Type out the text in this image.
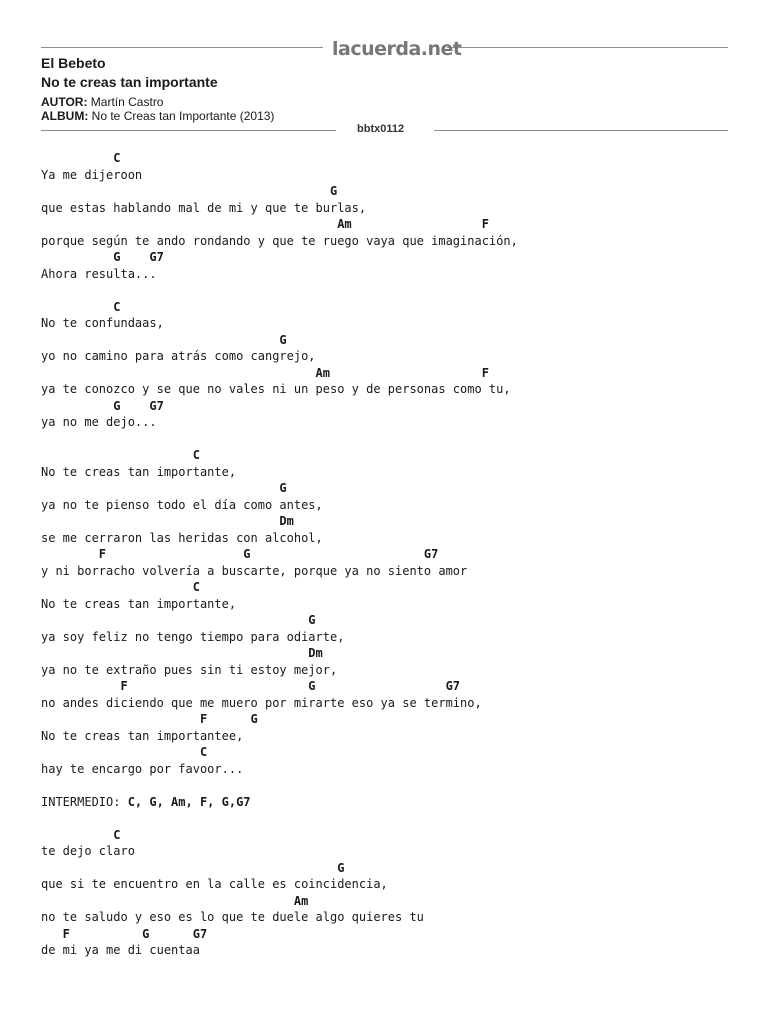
lacuerda.net
El Bebeto
No te creas tan importante
AUTOR: Martín Castro
ALBUM: No te Creas tan Importante (2013)
bbtx0112
C
Ya me dijeroon
G
que estas hablando mal de mi y que te burlas,
Am                  F
porque según te ando rondando y que te ruego vaya que imaginación,
G    G7
Ahora resulta...
C
No te confundaas,
G
yo no camino para atrás como cangrejo,
Am                     F
ya te conozco y se que no vales ni un peso y de personas como tu,
G    G7
ya no me dejo...
C
No te creas tan importante,
G
ya no te pienso todo el día como antes,
Dm
se me cerraron las heridas con alcohol,
F                   G                        G7
y ni borracho volvería a buscarte, porque ya no siento amor
C
No te creas tan importante,
G
ya soy feliz no tengo tiempo para odiarte,
Dm
ya no te extraño pues sin ti estoy mejor,
F                         G                  G7
no andes diciendo que me muero por mirarte eso ya se termino,
F      G
No te creas tan importantee,
C
hay te encargo por favoor...
INTERMEDIO: C, G, Am, F, G,G7
C
te dejo claro
G
que si te encuentro en la calle es coincidencia,
Am
no te saludo y eso es lo que te duele algo quieres tu
F          G      G7
de mi ya me di cuentaa
